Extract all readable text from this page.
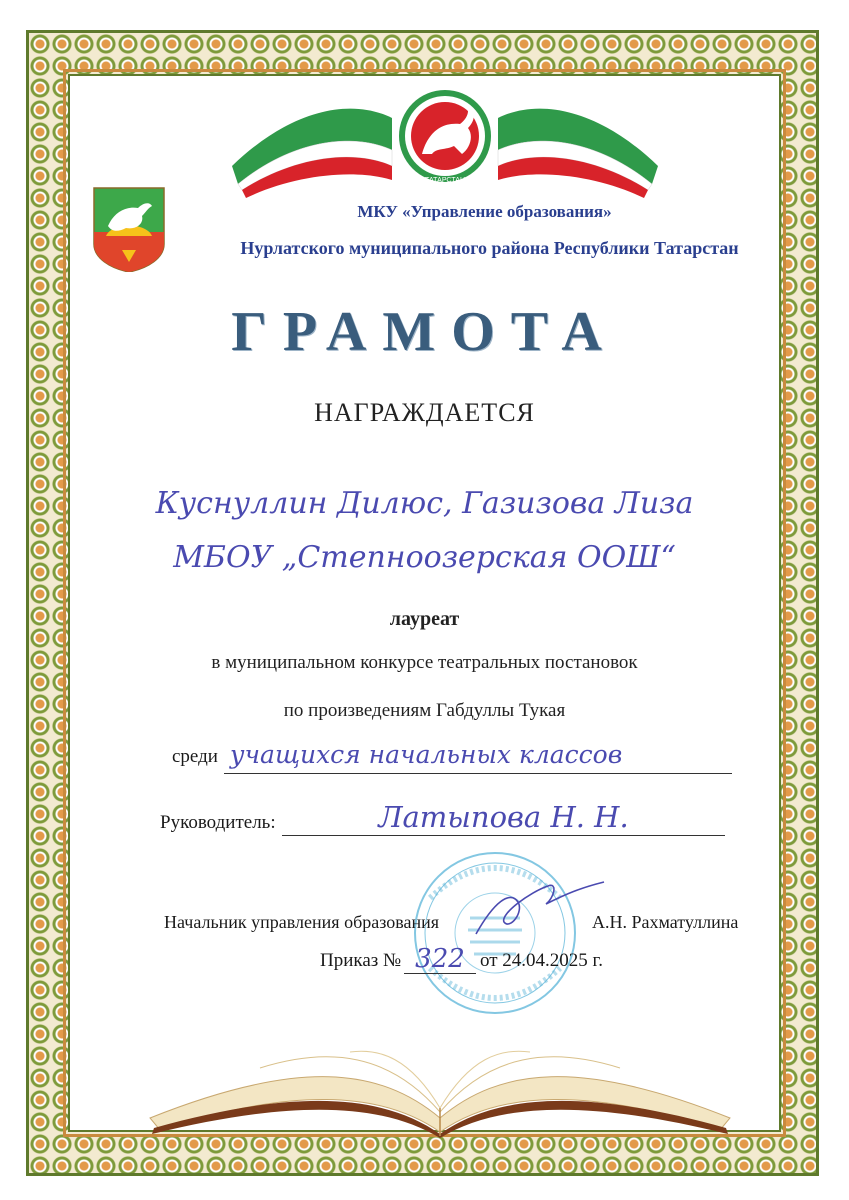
ТАТАРСТАН
МКУ «Управление образования»
Нурлатского муниципального района Республики Татарстан
ГРАМОТА
НАГРАЖДАЕТСЯ
Куснуллин Дилюс, Газизова Лиза
МБОУ „Степноозерская ООШ“
лауреат
в муниципальном конкурсе театральных постановок
по произведениям Габдуллы Тукая
среди учащихся начальных классов
Руководитель:	Латыпова Н. Н.
Начальник управления образования	А.Н. Рахматуллина
Приказ № 322 от 24.04.2025 г.
